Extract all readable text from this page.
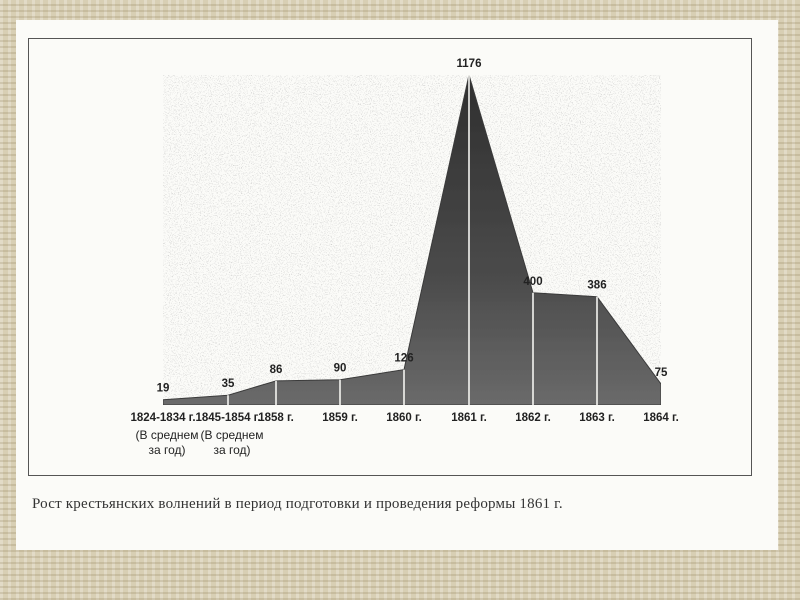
19	35
86	90
126
1176
400	386
75
1824-1834 г. 1845-1854 г.
1858 г. 1859 г. 1860 г.	1861 г. 1862 г. 1863 г. 1864 г.
(В среднем
за год)
(В среднем
за год)
Рост крестьянских волнений в период подготовки и проведения реформы 1861 г.
